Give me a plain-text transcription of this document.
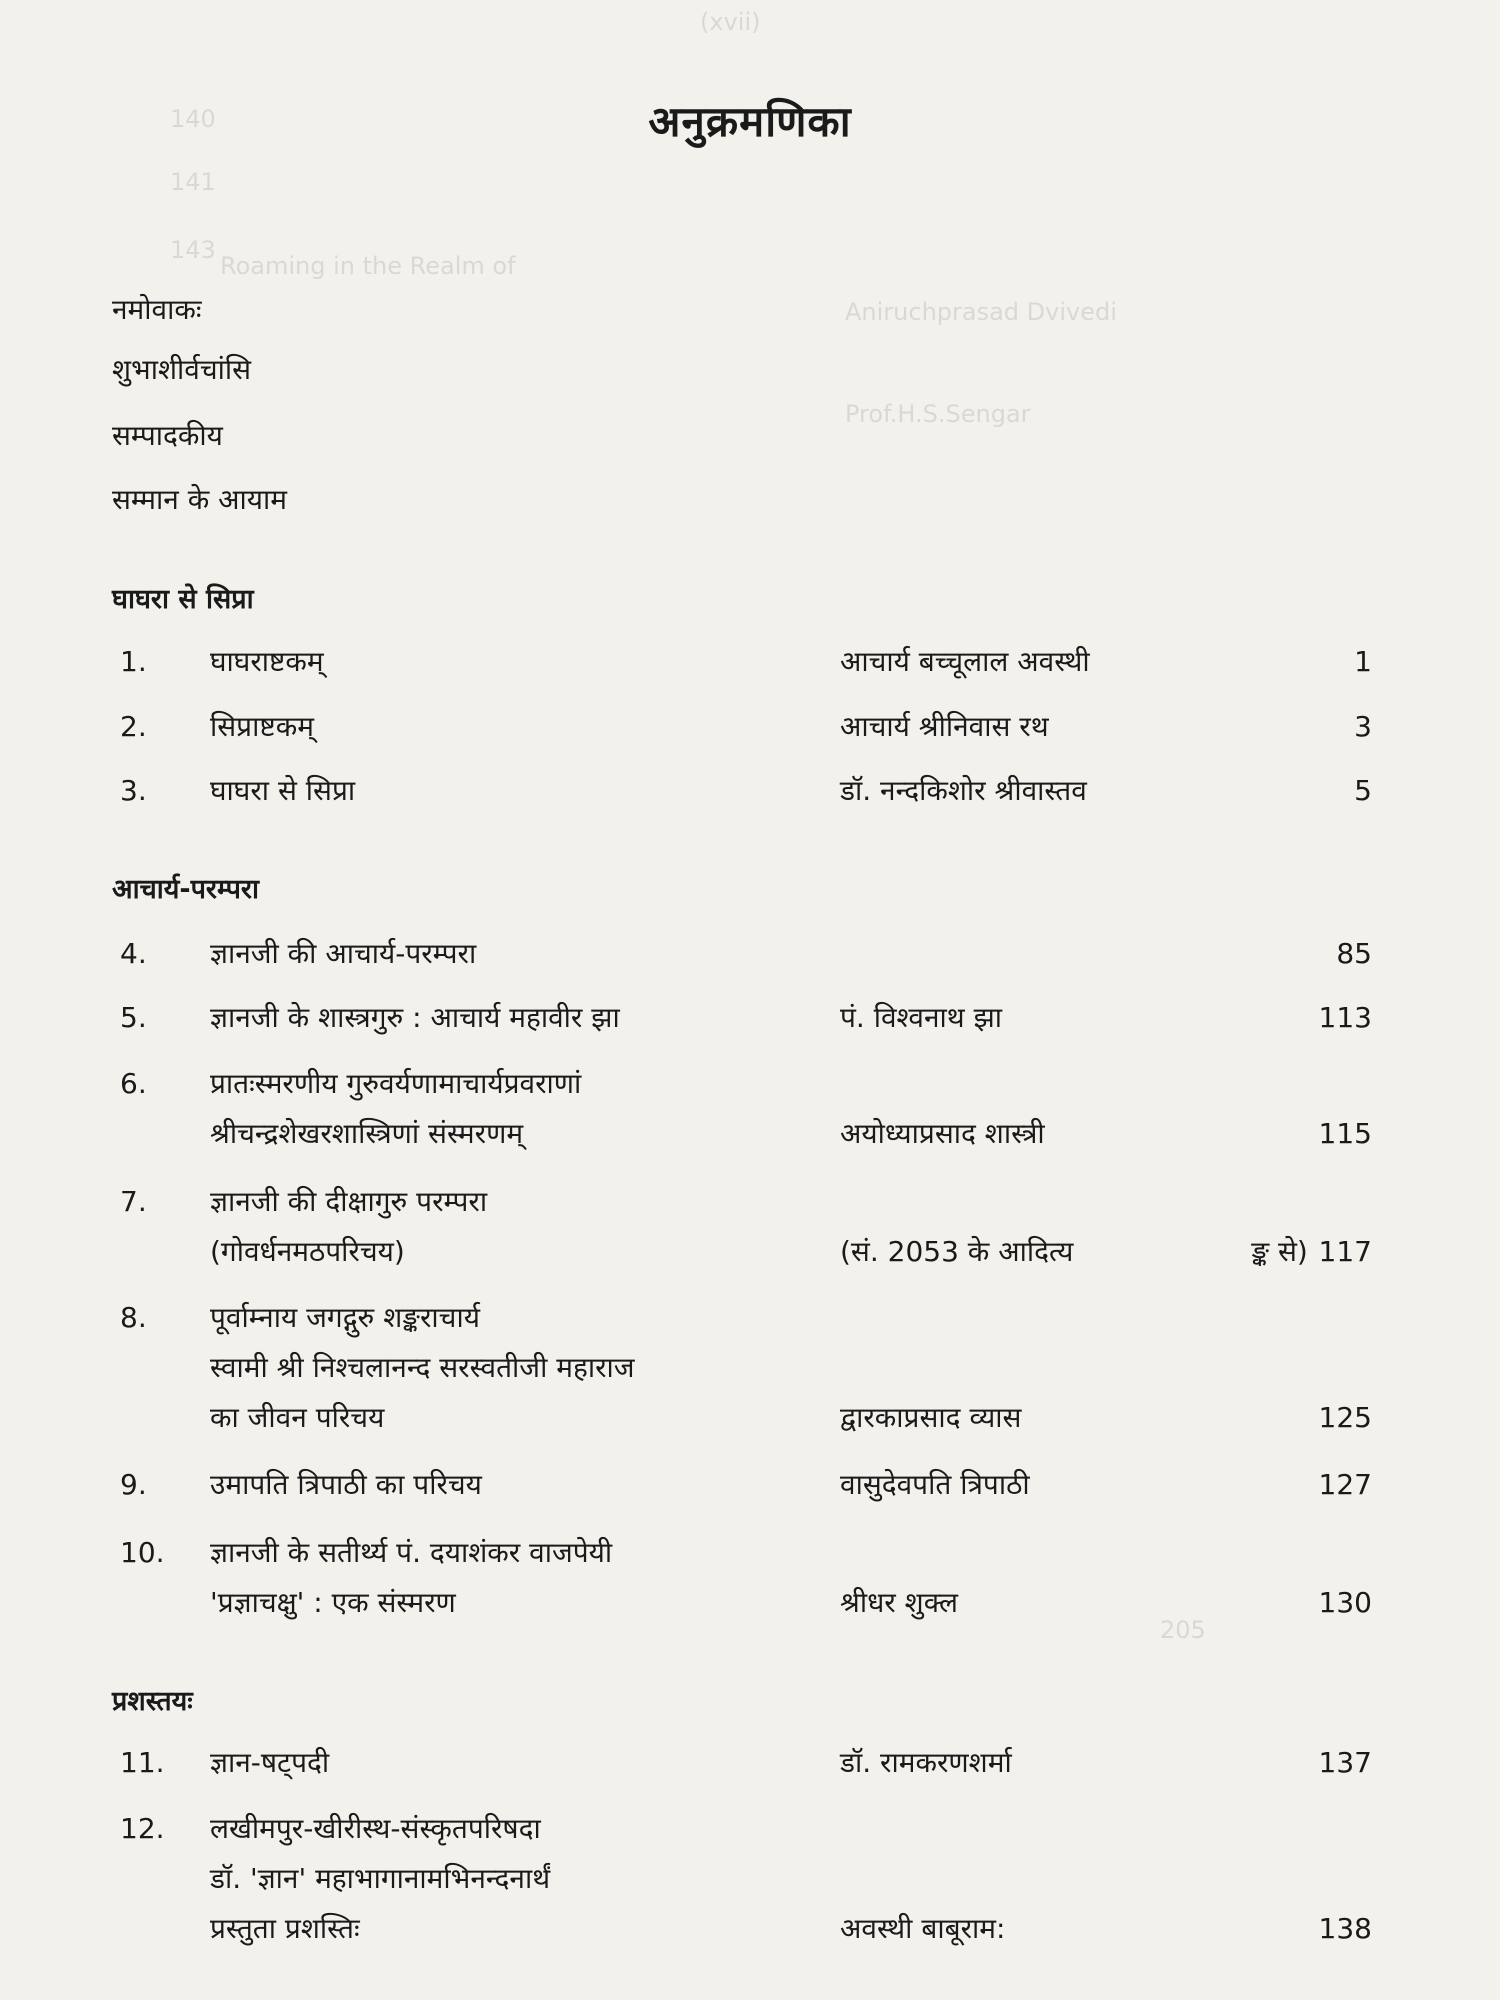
(xvii)
140
141
143
Roaming in the Realm of
Aniruchprasad Dvivedi
Prof.H.S.Sengar
205
अनुक्रमणिका
नमोवाकः
शुभाशीर्वचांसि
सम्पादकीय
सम्मान के आयाम
घाघरा से सिप्रा
1.	घाघराष्टकम्	आचार्य बच्चूलाल अवस्थी	1
2.	सिप्राष्टकम्	आचार्य श्रीनिवास रथ	3
3.	घाघरा से सिप्रा	डॉ. नन्दकिशोर श्रीवास्तव	5
आचार्य-परम्परा
4.	ज्ञानजी की आचार्य-परम्परा	85
5.	ज्ञानजी के शास्त्रगुरु : आचार्य महावीर झा	पं. विश्वनाथ झा	113
6.	प्रातःस्मरणीय गुरुवर्यणामाचार्यप्रवराणां
श्रीचन्द्रशेखरशास्त्रिणां संस्मरणम्	अयोध्याप्रसाद शास्त्री	115
7.	ज्ञानजी की दीक्षागुरु परम्परा
(गोवर्धनमठपरिचय)	(सं. 2053 के आदित्य                    ङ्क से) 117
8.	पूर्वाम्नाय जगद्गुरु शङ्कराचार्य
स्वामी श्री निश्चलानन्द सरस्वतीजी महाराज
का जीवन परिचय	द्वारकाप्रसाद व्यास	125
9.	उमापति त्रिपाठी का परिचय	वासुदेवपति त्रिपाठी	127
10.	ज्ञानजी के सतीर्थ्य पं. दयाशंकर वाजपेयी
'प्रज्ञाचक्षु' : एक संस्मरण	श्रीधर शुक्ल	130
प्रशस्तयः
11.	ज्ञान-षट्पदी	डॉ. रामकरणशर्मा	137
12.	लखीमपुर-खीरीस्थ-संस्कृतपरिषदा
डॉ. 'ज्ञान' महाभागानामभिनन्दनार्थं
प्रस्तुता प्रशस्तिः	अवस्थी बाबूराम:	138
